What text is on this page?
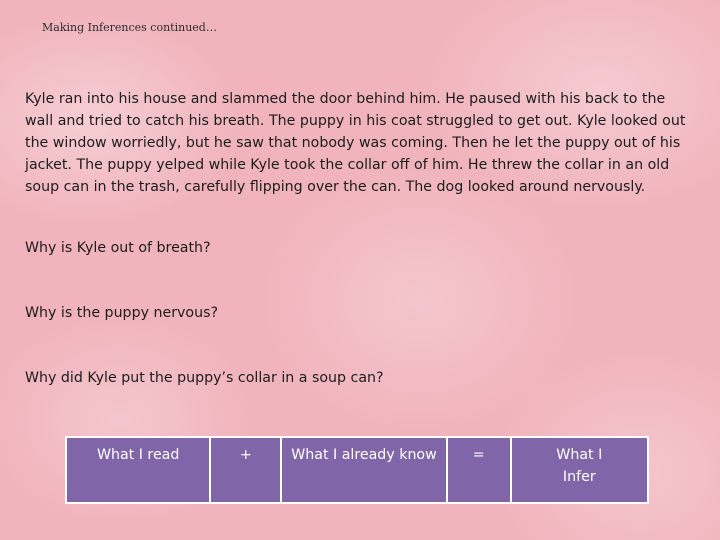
Making Inferences continued…

Kyle ran into his house and slammed the door behind him. He paused with his back to the wall and tried to catch his breath. The puppy in his coat struggled to get out. Kyle looked out the window worriedly, but he saw that nobody was coming. Then he let the puppy out of his jacket. The puppy yelped while Kyle took the collar off of him. He threw the collar in an old soup can in the trash, carefully flipping over the can. The dog looked around nervously.

Why is Kyle out of breath?

Why is the puppy nervous?

Why did Kyle put the puppy’s collar in a soup can?

What I read	+	What I already know	=	What I Infer
